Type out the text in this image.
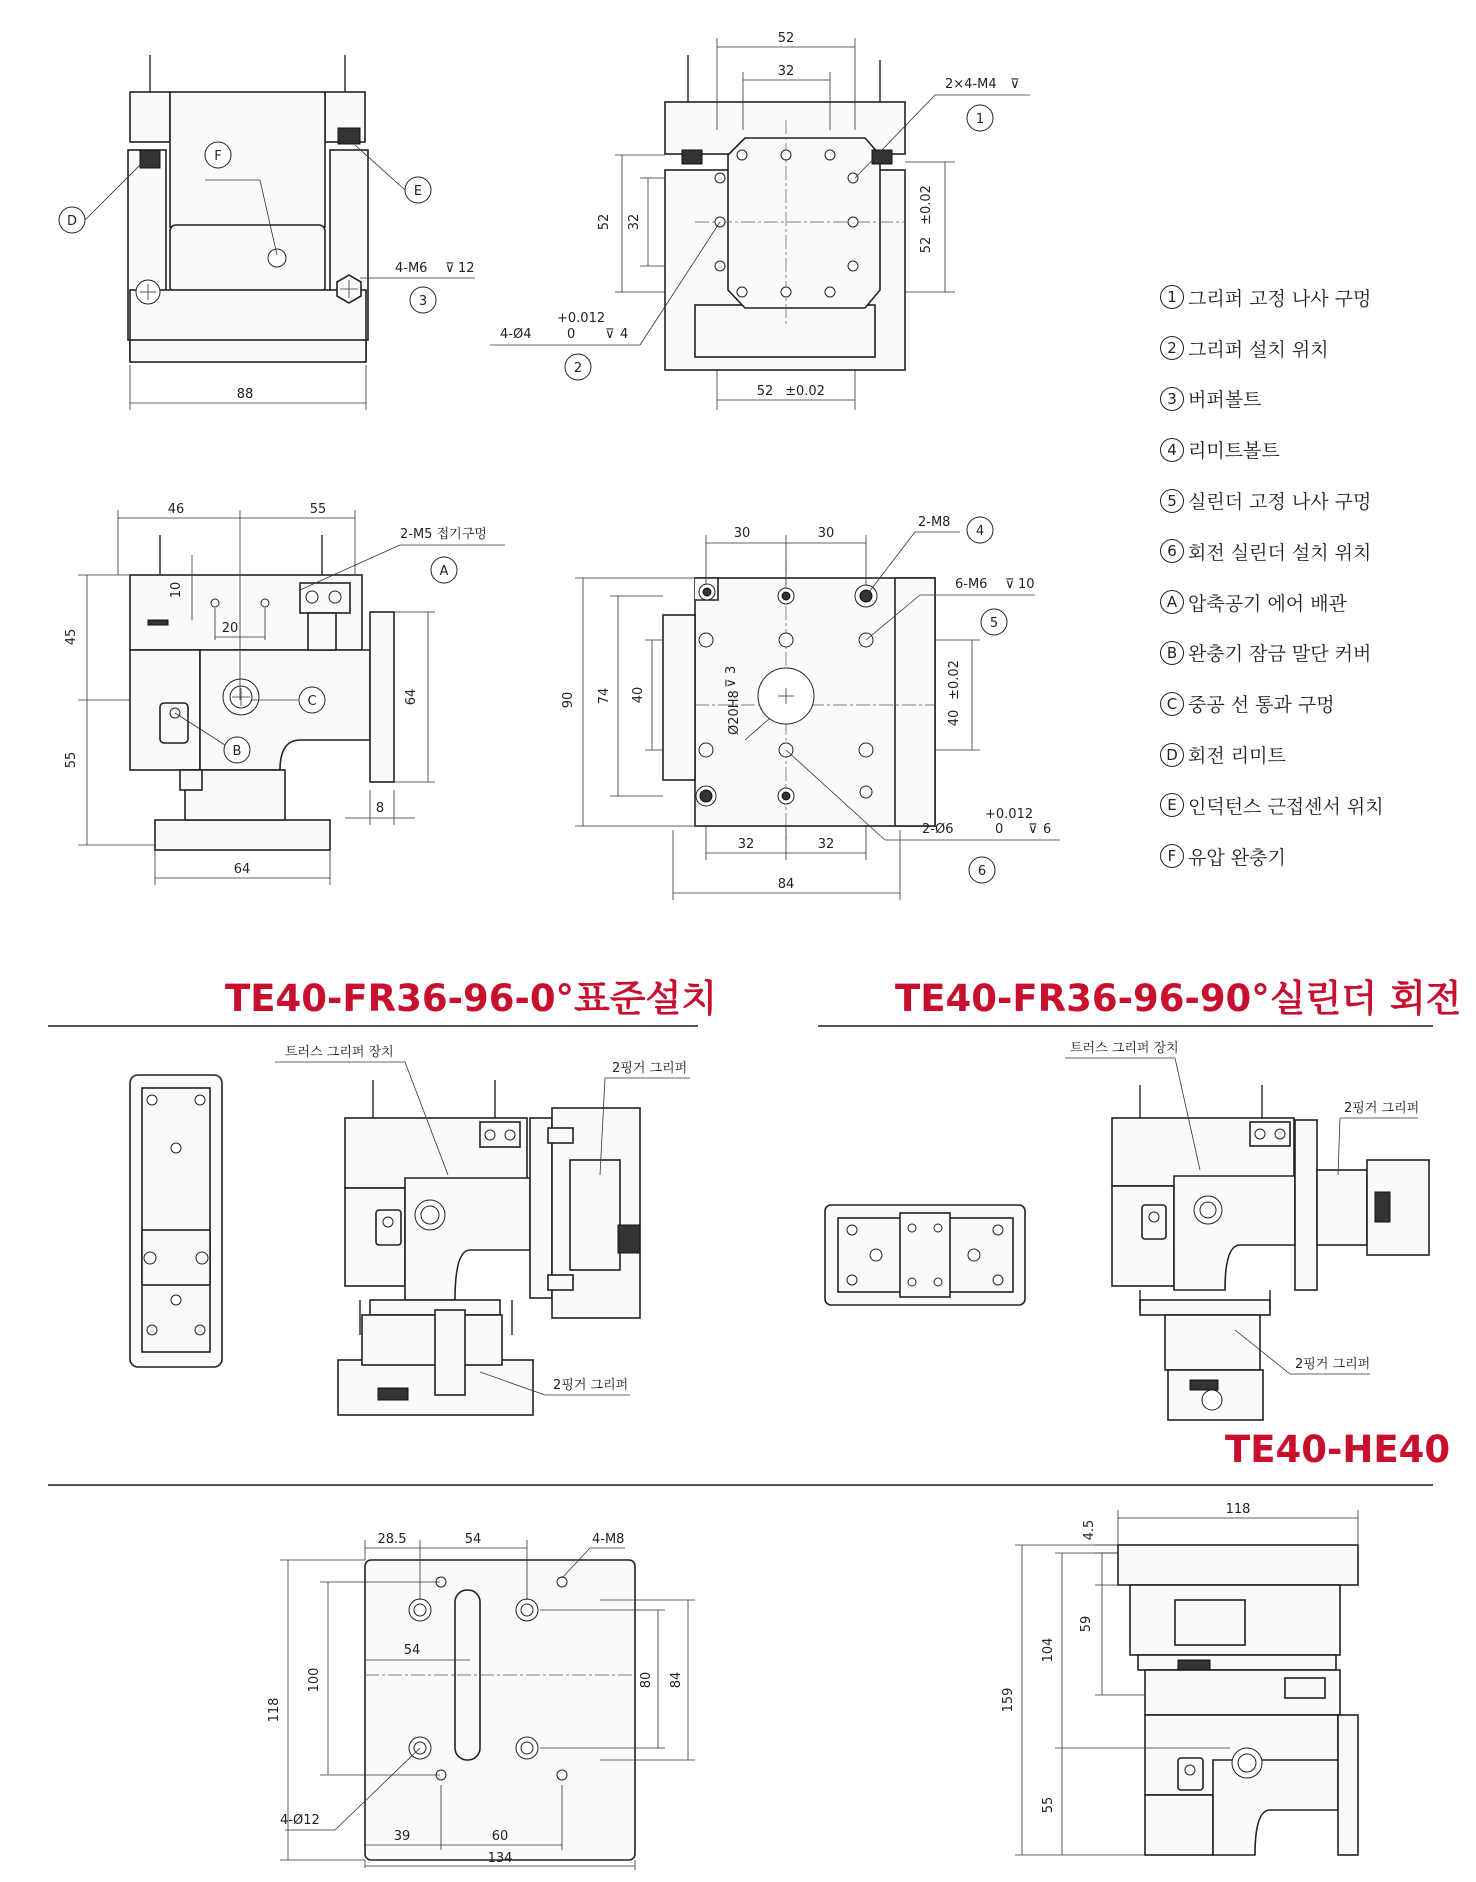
88
D
F
E
3
4-M6 ⊽ 12
52
32
52 32
52
±0.02
52 ±0.02
2×4-M4 ⊽
1
4-Ø4
+0.012
0 ⊽ 4
2
46	55
2-M5 접기구멍
A
10
20
45
55
64
8
64
C
B
30	30
2-M8
4
6-M6 ⊽ 10
5
90 74 40	Ø20H8
⊽
3
40
±0.02
32	32
84
2-Ø6
+0.012
0 ⊽ 6
6
트러스 그리퍼 장치
2핑거 그리퍼
2핑거 그리퍼
트러스 그리퍼 장치
2핑거 그리퍼
2핑거 그리퍼
28.5	54	4-M8
118
100
54
80 84
39	60
134
4-Ø12
118
4.5
59
104
159
55
1 그리퍼 고정 나사 구멍
2 그리퍼 설치 위치
3 버퍼볼트
4 리미트볼트
5 실린더 고정 나사 구멍
6 회전 실린더 설치 위치
A 압축공기 에어 배관
B 완충기 잠금 말단 커버
C 중공 선 통과 구멍
D 회전 리미트
E 인덕턴스 근접센서 위치
F 유압 완충기
TE40-FR36-96-0°표준설치	TE40-FR36-96-90°실린더 회전
TE40-HE40
